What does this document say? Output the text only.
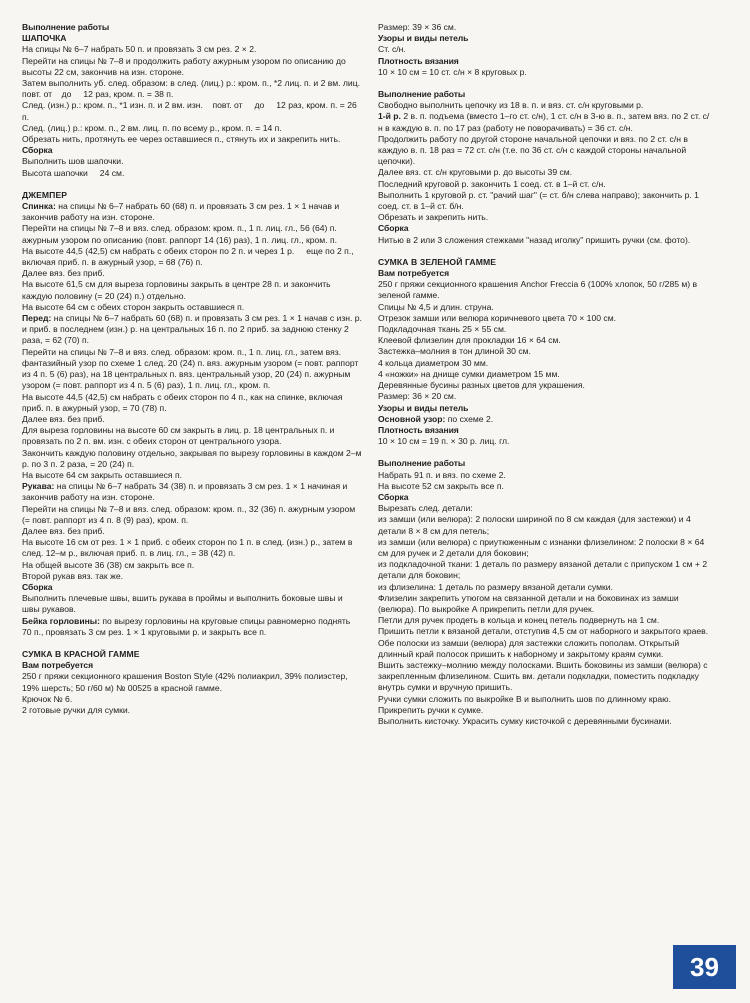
Выполнение работы

ШАПОЧКА

На спицы № 6–7 набрать 50 п. и провязать 3 см рез. 2 × 2.

Перейти на спицы № 7–8 и продолжить работу ажурным узором по описанию до высоты 22 см, закончив на изн. стороне.

Затем выполнить уб. след. образом: в след. (лиц.) р.: кром. п., *2 лиц. п. и 2 вм. лиц.     повт. от    до     12 раз, кром. п. = 38 п.

След. (изн.) р.: кром. п., *1 изн. п. и 2 вм. изн.    повт. от     до     12 раз, кром. п. = 26 п.

След. (лиц.) р.: кром. п., 2 вм. лиц. п. по всему р., кром. п. = 14 п.

Обрезать нить, протянуть ее через оставшиеся п., стянуть их и закрепить нить.

Сборка

Выполнить шов шапочки.

Высота шапочки     24 см.

ДЖЕМПЕР

Спинка: на спицы № 6–7 набрать 60 (68) п. и провязать 3 см рез. 1 × 1 начав и закончив работу на изн. стороне.

Перейти на спицы № 7–8 и вяз. след. образом: кром. п., 1 п. лиц. гл., 56 (64) п. ажурным узором по описанию (повт. раппорт 14 (16) раз), 1 п. лиц. гл., кром. п.

На высоте 44,5 (42,5) см набрать с обеих сторон по 2 п. и через 1 р.     еще по 2 п., включая приб. п. в ажурный узор, = 68 (76) п.

Далее вяз. без приб.

На высоте 61,5 см для выреза горловины закрыть в центре 28 п. и закончить каждую половину (= 20 (24) п.) отдельно.

На высоте 64 см с обеих сторон закрыть оставшиеся п.

Перед: на спицы № 6–7 набрать 60 (68) п. и провязать 3 см рез. 1 × 1 начав с изн. р. и приб. в последнем (изн.) р. на центральных 16 п. по 2 приб. за заднюю стенку 2 раза, = 62 (70) п.

Перейти на спицы № 7–8 и вяз. след. образом: кром. п., 1 п. лиц. гл., затем вяз. фантазийный узор по схеме 1 след. 20 (24) п. вяз. ажурным узором (= повт. раппорт из 4 п. 5 (6) раз), на 18 центральных п. вяз. центральный узор, 20 (24) п. ажурным узором (= повт. раппорт из 4 п. 5 (6) раз), 1 п. лиц. гл., кром. п.

На высоте 44,5 (42,5) см набрать с обеих сторон по 4 п., как на спинке, включая приб. п. в ажурный узор, = 70 (78) п.

Далее вяз. без приб.

Для выреза горловины на высоте 60 см закрыть в лиц. р. 18 центральных п. и провязать по 2 п. вм. изн. с обеих сторон от центрального узора.

Закончить каждую половину отдельно, закрывая по вырезу горловины в каждом 2–м р. по 3 п. 2 раза, = 20 (24) п.

На высоте 64 см закрыть оставшиеся п.

Рукава: на спицы № 6–7 набрать 34 (38) п. и провязать 3 см рез. 1 × 1 начиная и закончив работу на изн. стороне.

Перейти на спицы № 7–8 и вяз. след. образом: кром. п., 32 (36) п. ажурным узором (= повт. раппорт из 4 п. 8 (9) раз), кром. п.

Далее вяз. без приб.

На высоте 16 см от рез. 1 × 1 приб. с обеих сторон по 1 п. в след. (изн.) р., затем в след. 12–м р., включая приб. п. в лиц. гл., = 38 (42) п.

На общей высоте 36 (38) см закрыть все п.

Второй рукав вяз. так же.

Сборка

Выполнить плечевые швы, вшить рукава в проймы и выполнить боковые швы и швы рукавов.

Бейка горловины: по вырезу горловины на круговые спицы равномерно поднять 70 п., провязать 3 см рез. 1 × 1 круговыми р. и закрыть все п.

СУМКА В КРАСНОЙ ГАММЕ

Вам потребуется

250 г пряжи секционного крашения Boston Style (42% полиакрил, 39% полиэстер, 19% шерсть; 50 г/60 м) № 00525 в красной гамме.

Крючок № 6.

2 готовые ручки для сумки.

Размер: 39 × 36 см.

Узоры и виды петель

Ст. с/н.

Плотность вязания

10 × 10 см = 10 ст. с/н × 8 круговых р.

Выполнение работы

Свободно выполнить цепочку из 18 в. п. и вяз. ст. с/н круговыми р.

1-й р. 2 в. п. подъема (вместо 1–го ст. с/н), 1 ст. с/н в 3-ю в. п., затем вяз. по 2 ст. с/н в каждую в. п. по 17 раз (работу не поворачивать) = 36 ст. с/н.

Продолжить работу по другой стороне начальной цепочки и вяз. по 2 ст. с/н в каждую в. п. 18 раз = 72 ст. с/н (т.е. по 36 ст. с/н с каждой стороны начальной цепочки).

Далее вяз. ст. с/н круговыми р. до высоты 39 см.

Последний круговой р. закончить 1 соед. ст. в 1–й ст. с/н.

Выполнить 1 круговой р. ст. "рачий шаг" (= ст. б/н слева направо); закончить р. 1 соед. ст. в 1–й ст. б/н.

Обрезать и закрепить нить.

Сборка

Нитью в 2 или 3 сложения стежками "назад иголку" пришить ручки (см. фото).

СУМКА В ЗЕЛЕНОЙ ГАММЕ

Вам потребуется

250 г пряжи секционного крашения Anchor Freccia 6 (100% хлопок, 50 г/285 м) в зеленой гамме.

Спицы № 4,5 и длин. струна.

Отрезок замши или велюра коричневого цвета 70 × 100 см.

Подкладочная ткань 25 × 55 см.

Клеевой флизелин для прокладки 16 × 64 см.

Застежка–молния в тон длиной 30 см.

4 кольца диаметром 30 мм.

4 «ножки» на днище сумки диаметром 15 мм.

Деревянные бусины разных цветов для украшения.

Размер: 36 × 20 см.

Узоры и виды петель

Основной узор: по схеме 2.

Плотность вязания

10 × 10 см = 19 п. × 30 р. лиц. гл.

Выполнение работы

Набрать 91 п. и вяз. по схеме 2.

На высоте 52 см закрыть все п.

Сборка

Вырезать след. детали:

из замши (или велюра): 2 полоски шириной по 8 см каждая (для застежки) и 4 детали 8 × 8 см для петель;

из замши (или велюра) с приутюженным с изнанки флизелином: 2 полоски 8 × 64 см для ручек и 2 детали для боковин;

из подкладочной ткани: 1 деталь по размеру вязаной детали с припуском 1 см + 2 детали для боковин;

из флизелина: 1 деталь по размеру вязаной детали сумки.

Флизелин закрепить утюгом на связанной детали и на боковинах из замши (велюра). По выкройке А прикрепить петли для ручек.

Петли для ручек продеть в кольца и конец петель подвернуть на 1 см.

Пришить петли к вязаной детали, отступив 4,5 см от наборного и закрытого краев.

Обе полоски из замши (велюра) для застежки сложить пополам. Открытый длинный край полосок пришить к наборному и закрытому краям сумки.

Вшить застежку–молнию между полосками. Вшить боковины из замши (велюра) с закрепленным флизелином. Сшить вм. детали подкладки, поместить подкладку внутрь сумки и вручную пришить.

Ручки сумки сложить по выкройке В и выполнить шов по длинному краю.

Прикрепить ручки к сумке.

Выполнить кисточку. Украсить сумку кисточкой с деревянными бусинами.

39
